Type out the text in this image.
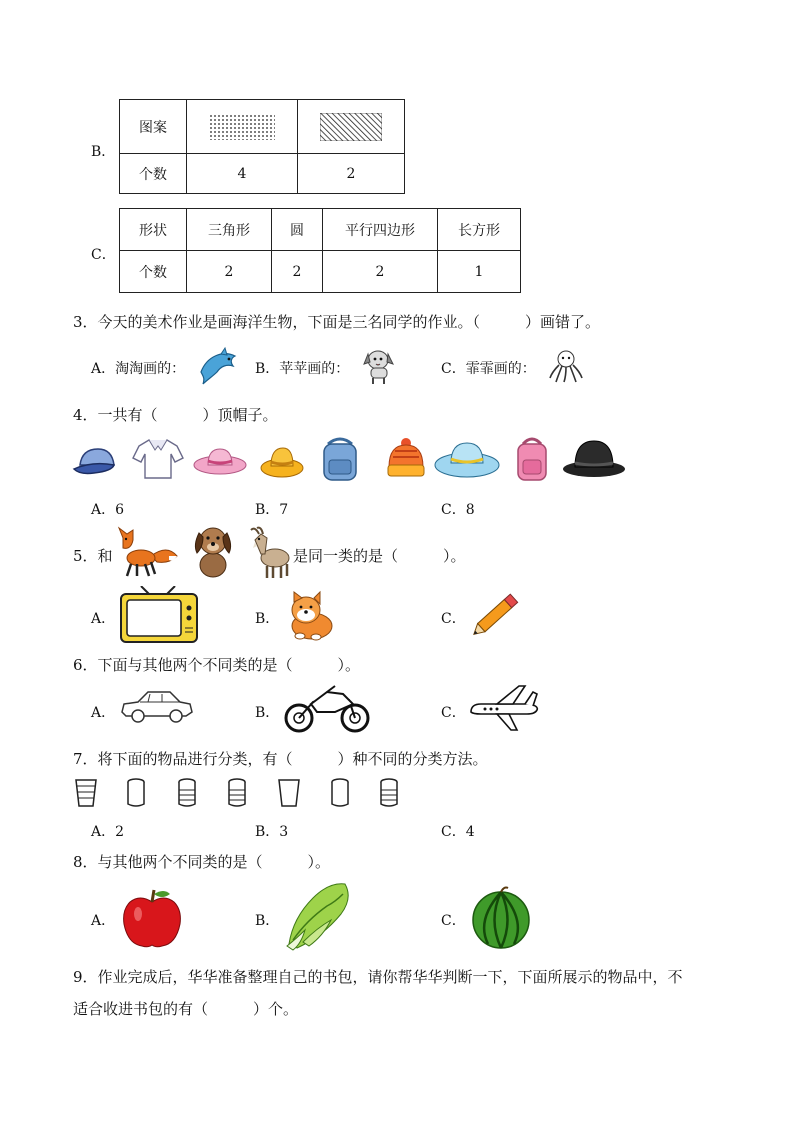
B．
图案	

个数	4	2
C．
形状	三角形	圆	平行四边形	长方形
个数	2	2	2	1
3．今天的美术作业是画海洋生物，下面是三名同学的作业。（　　　）画错了。
A．淘淘画的：	B．苹苹画的：	C．霏霏画的：
4．一共有（　　　）顶帽子。
A．6	B．7	C．8
5．和	是同一类的是（　　　）。
A．	B．	C．
6．下面与其他两个不同类的是（　　　）。
A．	B．	C．
7．将下面的物品进行分类，有（　　　）种不同的分类方法。
A．2	B．3	C．4
8．与其他两个不同类的是（　　　）。
A．	B．	C．
9．作业完成后，华华准备整理自己的书包，请你帮华华判断一下，下面所展示的物品中，不
适合收进书包的有（　　　）个。
